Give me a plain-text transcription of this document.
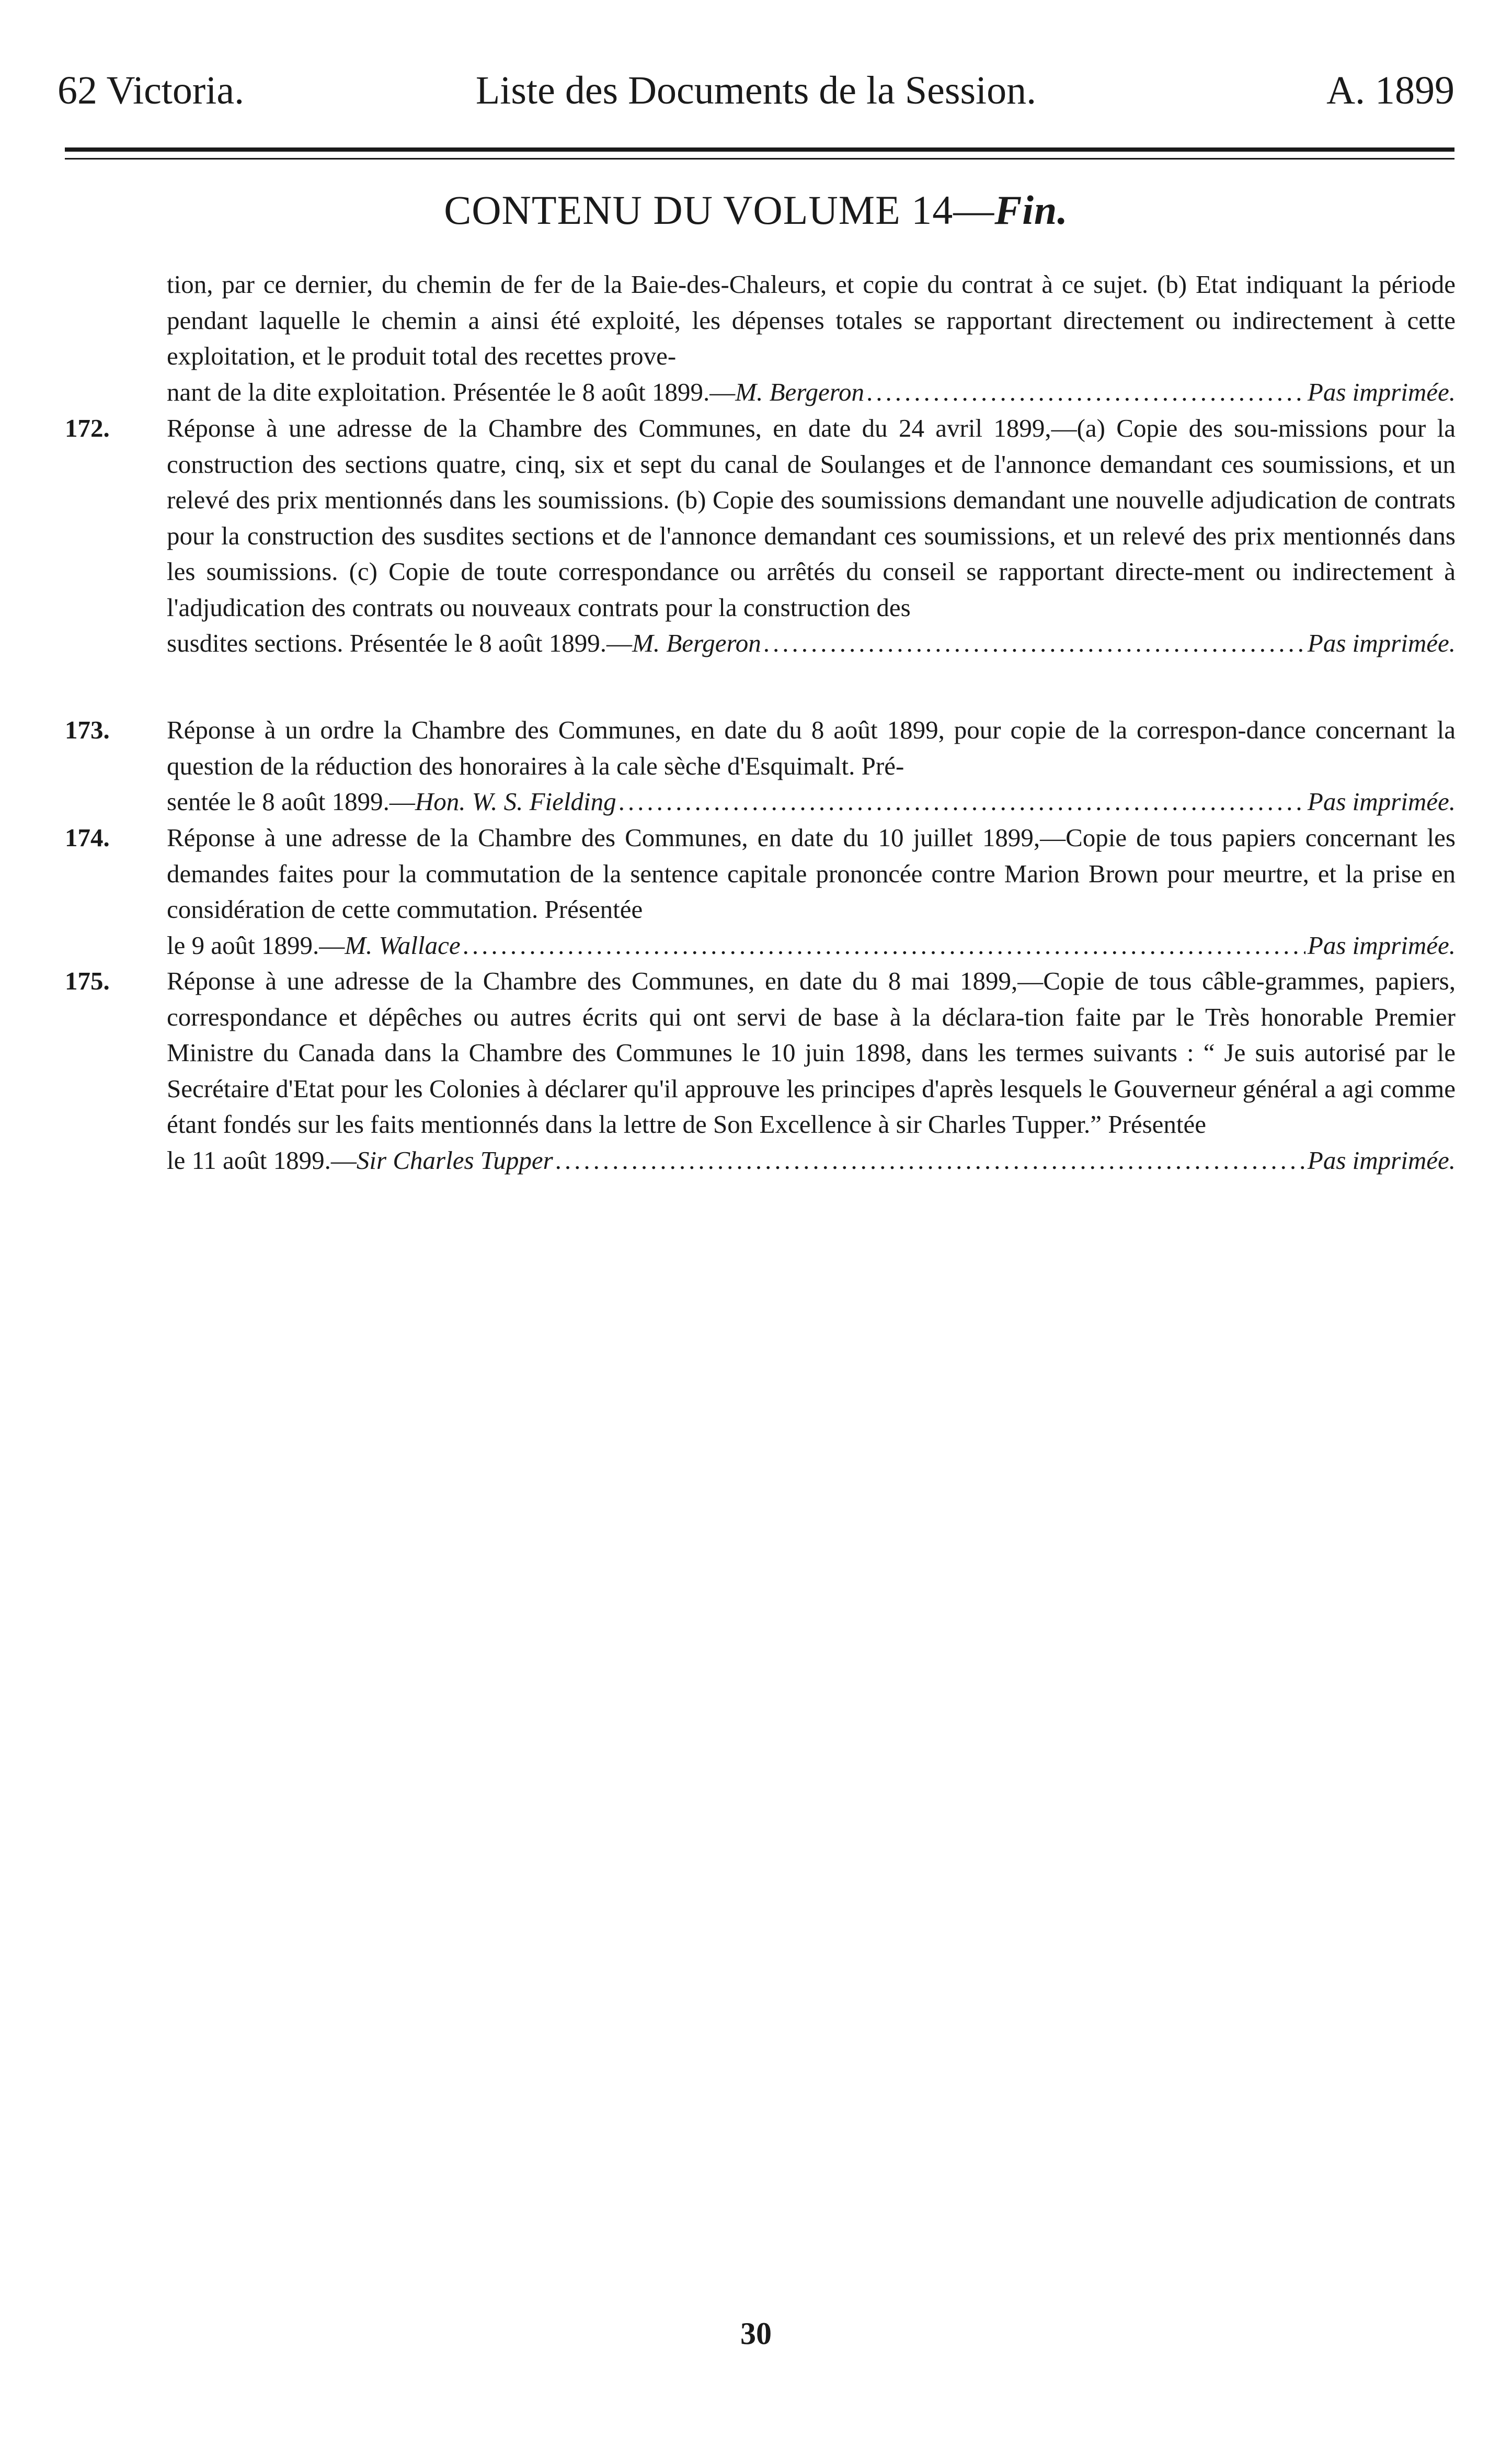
62 Victoria.	Liste des Documents de la Session.	A. 1899
CONTENU DU VOLUME 14—Fin.
tion, par ce dernier, du chemin de fer de la Baie-des-Chaleurs, et copie du contrat à ce sujet. (b) Etat indiquant la période pendant laquelle le chemin a ainsi été exploité, les dépenses totales se rapportant directement ou indirectement à cette exploitation, et le produit total des recettes prove-
nant de la dite exploitation. Présentée le 8 août 1899.— M. Bergeron .....	Pas imprimée.
172.	Réponse à une adresse de la Chambre des Communes, en date du 24 avril 1899,—(a) Copie des sou-missions pour la construction des sections quatre, cinq, six et sept du canal de Soulanges et de l'annonce demandant ces soumissions, et un relevé des prix mentionnés dans les soumissions. (b) Copie des soumissions demandant une nouvelle adjudication de contrats pour la construction des susdites sections et de l'annonce demandant ces soumissions, et un relevé des prix mentionnés dans les soumissions. (c) Copie de toute correspondance ou arrêtés du conseil se rapportant directe-ment ou indirectement à l'adjudication des contrats ou nouveaux contrats pour la construction des
susdites sections. Présentée le 8 août 1899.— M. Bergeron .....	Pas imprimée.
173.	Réponse à un ordre la Chambre des Communes, en date du 8 août 1899, pour copie de la correspon-dance concernant la question de la réduction des honoraires à la cale sèche d'Esquimalt. Pré-
sentée le 8 août 1899.— Hon. W. S. Fielding .....	Pas imprimée.
174.	Réponse à une adresse de la Chambre des Communes, en date du 10 juillet 1899,—Copie de tous papiers concernant les demandes faites pour la commutation de la sentence capitale prononcée contre Marion Brown pour meurtre, et la prise en considération de cette commutation. Présentée
le 9 août 1899.— M. Wallace .....	Pas imprimée.
175.	Réponse à une adresse de la Chambre des Communes, en date du 8 mai 1899,—Copie de tous câble-grammes, papiers, correspondance et dépêches ou autres écrits qui ont servi de base à la déclara-tion faite par le Très honorable Premier Ministre du Canada dans la Chambre des Communes le 10 juin 1898, dans les termes suivants : “ Je suis autorisé par le Secrétaire d'Etat pour les Colonies à déclarer qu'il approuve les principes d'après lesquels le Gouverneur général a agi comme étant fondés sur les faits mentionnés dans la lettre de Son Excellence à sir Charles Tupper.” Présentée
le 11 août 1899.— Sir Charles Tupper .....	Pas imprimée.
30
